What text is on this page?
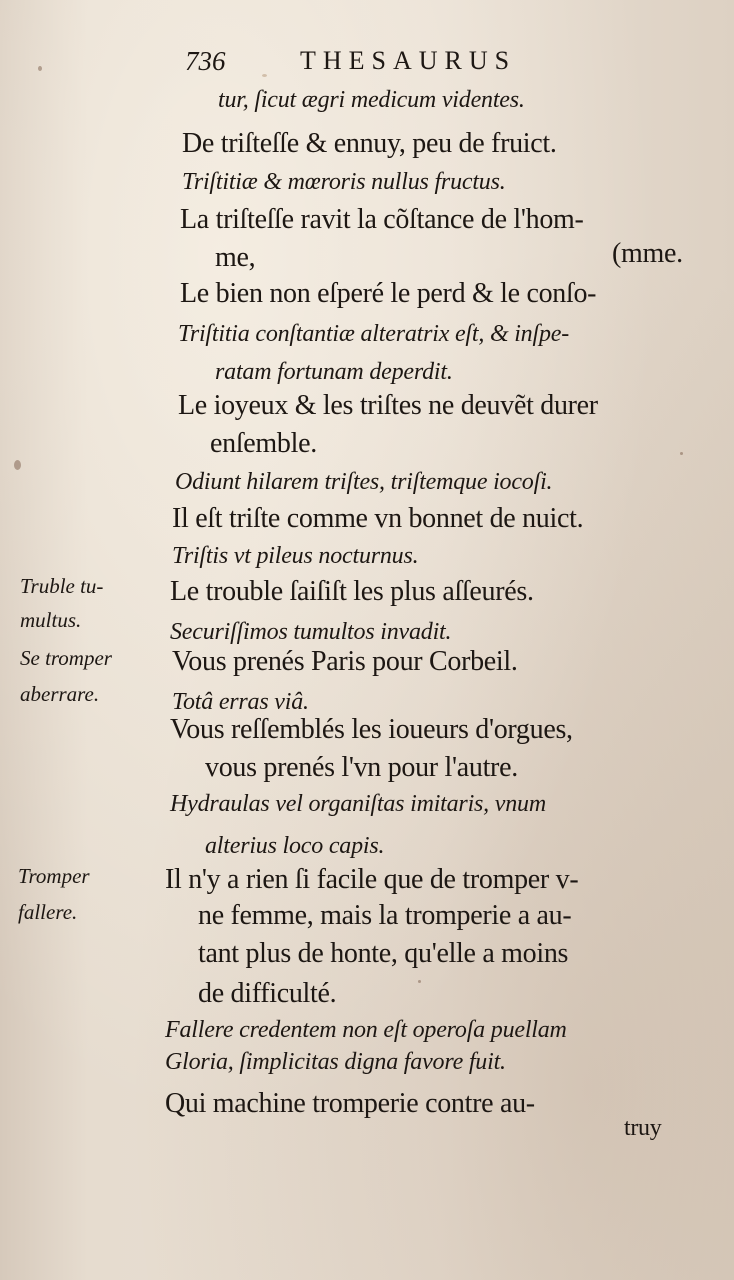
736	THESAURUS
tur, ſicut ægri medicum videntes.
De triſteſſe & ennuy, peu de fruict.
Triſtitiæ & mœroris nullus fructus.
La triſteſſe ravit la cõſtance de l'hom-
me,	(mme.
Le bien non eſperé le perd & le conſo-
Triſtitia conſtantiæ alteratrix eſt, & inſpe-
ratam fortunam deperdit.
Le ioyeux & les triſtes ne deuvẽt durer
enſemble.
Odiunt hilarem triſtes, triſtemque iocoſi.
Il eſt triſte comme vn bonnet de nuict.
Triſtis vt pileus nocturnus.
Le trouble ſaiſiſt les plus aſſeurés.
Securiſſimos tumultos invadit.
Vous prenés Paris pour Corbeil.
Totâ erras viâ.
Vous reſſemblés les ioueurs d'orgues,
vous prenés l'vn pour l'autre.
Hydraulas vel organiſtas imitaris, vnum
alterius loco capis.
Il n'y a rien ſi facile que de tromper v-
ne femme, mais la tromperie a au-
tant plus de honte, qu'elle a moins
de difficulté.
Fallere credentem non eſt operoſa puellam
Gloria, ſimplicitas digna favore fuit.
Qui machine tromperie contre au-
truy
Truble tu-
multus.
Se tromper
aberrare.
Tromper
fallere.
